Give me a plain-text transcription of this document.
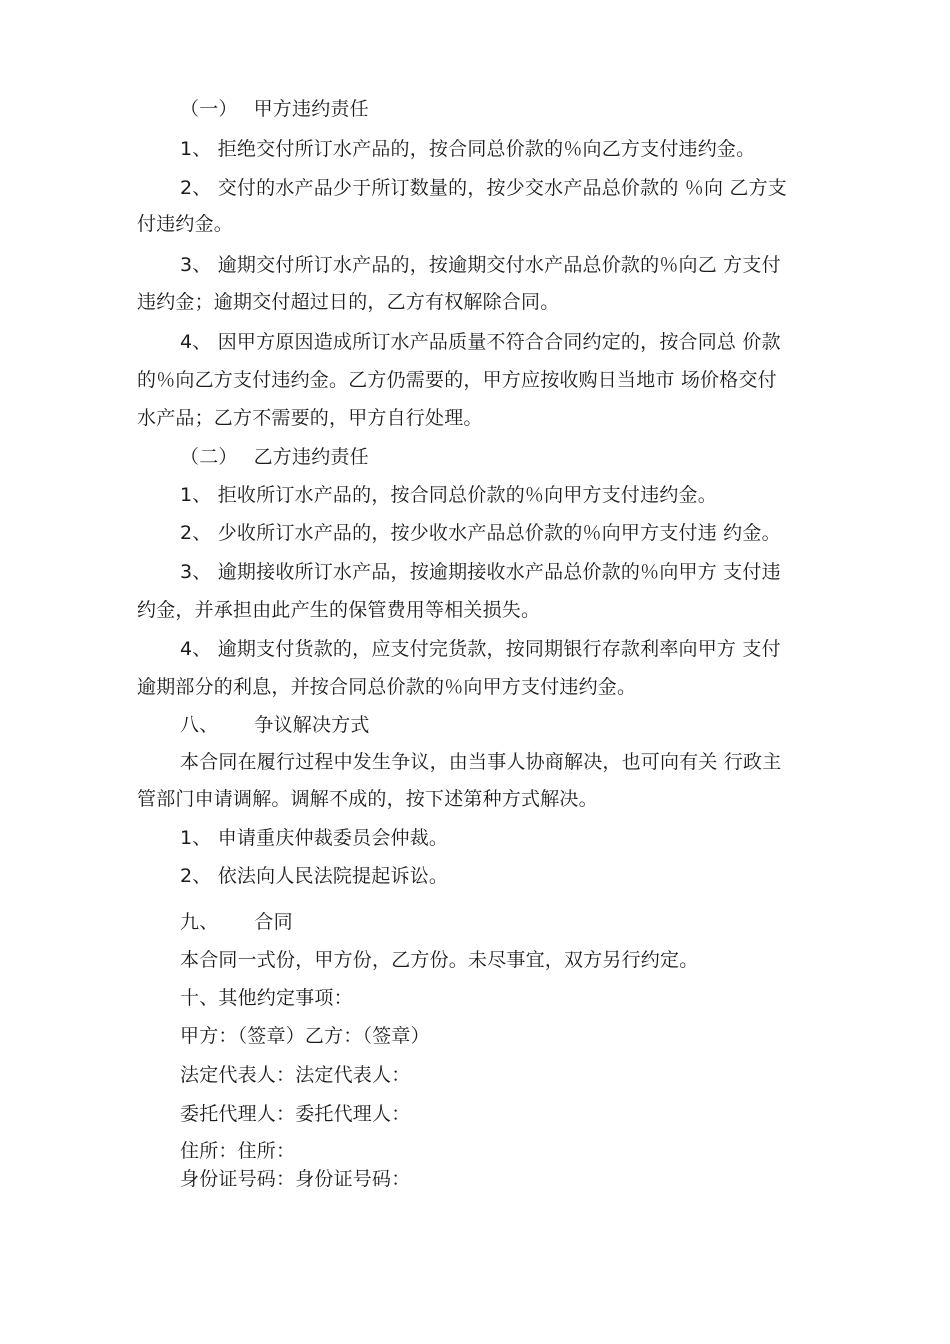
（一） 甲方违约责任
1、 拒绝交付所订水产品的，按合同总价款的％向乙方支付违约金。
2、 交付的水产品少于所订数量的，按少交水产品总价款的 ％向 乙方支
付违约金。
3、 逾期交付所订水产品的，按逾期交付水产品总价款的％向乙 方支付
违约金；逾期交付超过日的，乙方有权解除合同。
4、 因甲方原因造成所订水产品质量不符合合同约定的，按合同总 价款
的％向乙方支付违约金。乙方仍需要的，甲方应按收购日当地市 场价格交付
水产品；乙方不需要的，甲方自行处理。
（二） 乙方违约责任
1、 拒收所订水产品的，按合同总价款的％向甲方支付违约金。
2、 少收所订水产品的，按少收水产品总价款的％向甲方支付违 约金。
3、 逾期接收所订水产品，按逾期接收水产品总价款的％向甲方 支付违
约金，并承担由此产生的保管费用等相关损失。
4、 逾期支付货款的，应支付完货款，按同期银行存款利率向甲方 支付
逾期部分的利息，并按合同总价款的％向甲方支付违约金。
八、 争议解决方式
本合同在履行过程中发生争议，由当事人协商解决，也可向有关 行政主
管部门申请调解。调解不成的，按下述第种方式解决。
1、 申请重庆仲裁委员会仲裁。
2、 依法向人民法院提起诉讼。
九、 合同
本合同一式份，甲方份，乙方份。未尽事宜，双方另行约定。
十、其他约定事项：
甲方：（签章）乙方：（签章）
法定代表人：法定代表人：
委托代理人：委托代理人：
住所：住所：
身份证号码：身份证号码：
